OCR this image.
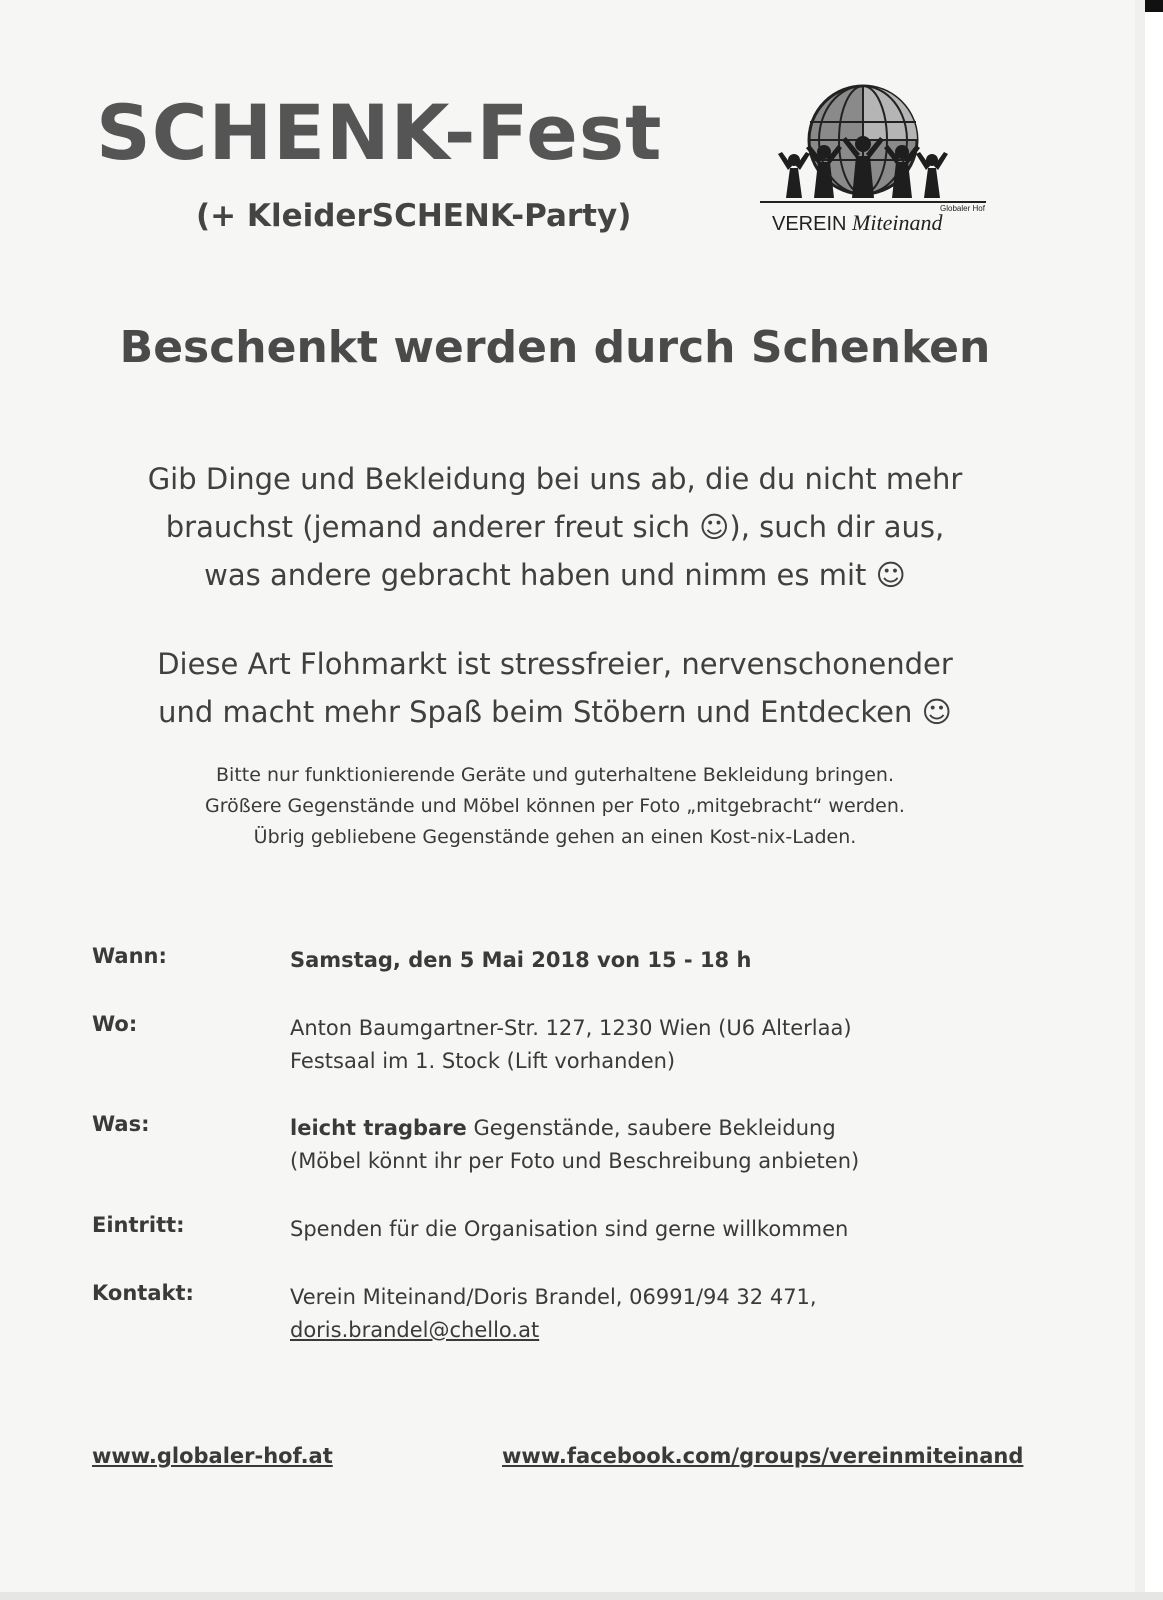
SCHENK-Fest
(+ KleiderSCHENK-Party)	VEREIN Miteinand
Globaler Hof
Beschenkt werden durch Schenken
Gib Dinge und Bekleidung bei uns ab, die du nicht mehr
brauchst (jemand anderer freut sich ☺), such dir aus,
was andere gebracht haben und nimm es mit ☺
Diese Art Flohmarkt ist stressfreier, nervenschonender
und macht mehr Spaß beim Stöbern und Entdecken ☺
Bitte nur funktionierende Geräte und guterhaltene Bekleidung bringen.
Größere Gegenstände und Möbel können per Foto „mitgebracht“ werden.
Übrig gebliebene Gegenstände gehen an einen Kost-nix-Laden.
Wann:	Samstag, den 5 Mai 2018 von 15 - 18 h
Wo:	Anton Baumgartner-Str. 127, 1230 Wien (U6 Alterlaa)
Festsaal im 1. Stock (Lift vorhanden)
Was:	leicht tragbare Gegenstände, saubere Bekleidung
(Möbel könnt ihr per Foto und Beschreibung anbieten)
Eintritt:	Spenden für die Organisation sind gerne willkommen
Kontakt:	Verein Miteinand/Doris Brandel, 06991/94 32 471,
doris.brandel@chello.at
www.globaler-hof.at	www.facebook.com/groups/vereinmiteinand
